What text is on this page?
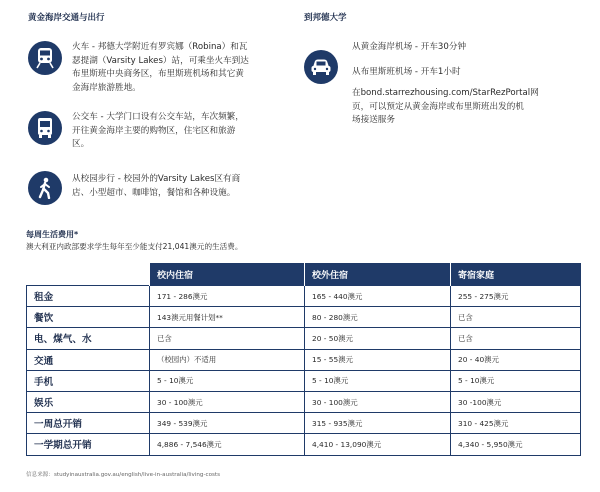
黄金海岸交通与出行
火车 - 邦德大学附近有罗宾娜（Robina）和瓦
瑟提湖（Varsity Lakes）站，可乘坐火车到达
布里斯班中央商务区，布里斯班机场和其它黄
金海岸旅游胜地。
公交车 - 大学门口设有公交车站，车次频繁，
开往黄金海岸主要的购物区，住宅区和旅游
区。
从校园步行 - 校园外的Varsity Lakes区有商
店、小型超市、咖啡馆，餐馆和各种设施。
到邦德大学
从黄金海岸机场 - 开车30分钟
从布里斯班机场 - 开车1小时
在bond.starrezhousing.com/StarRezPortal网
页，可以预定从黄金海岸或布里斯班出发的机
场接送服务
每周生活费用*
澳大利亚内政部要求学生每年至少能支付21,041澳元的生活费。
	校内住宿	校外住宿	寄宿家庭
租金	171 - 286澳元	165 - 440澳元	255 - 275澳元
餐饮	143澳元用餐计划**	80 - 280澳元	已含
电、煤气、水	已含	20 - 50澳元	已含
交通	（校园内）不适用	15 - 55澳元	20 - 40澳元
手机	5 - 10澳元	5 - 10澳元	5 - 10澳元
娱乐	30 - 100澳元	30 - 100澳元	30 -100澳元
一周总开销	349 - 539澳元	315 - 935澳元	310 - 425澳元
一学期总开销	4,886 - 7,546澳元	4,410 - 13,090澳元	4,340 - 5,950澳元
信息来源：studyinaustralia.gov.au/english/live-in-australia/living-costs
